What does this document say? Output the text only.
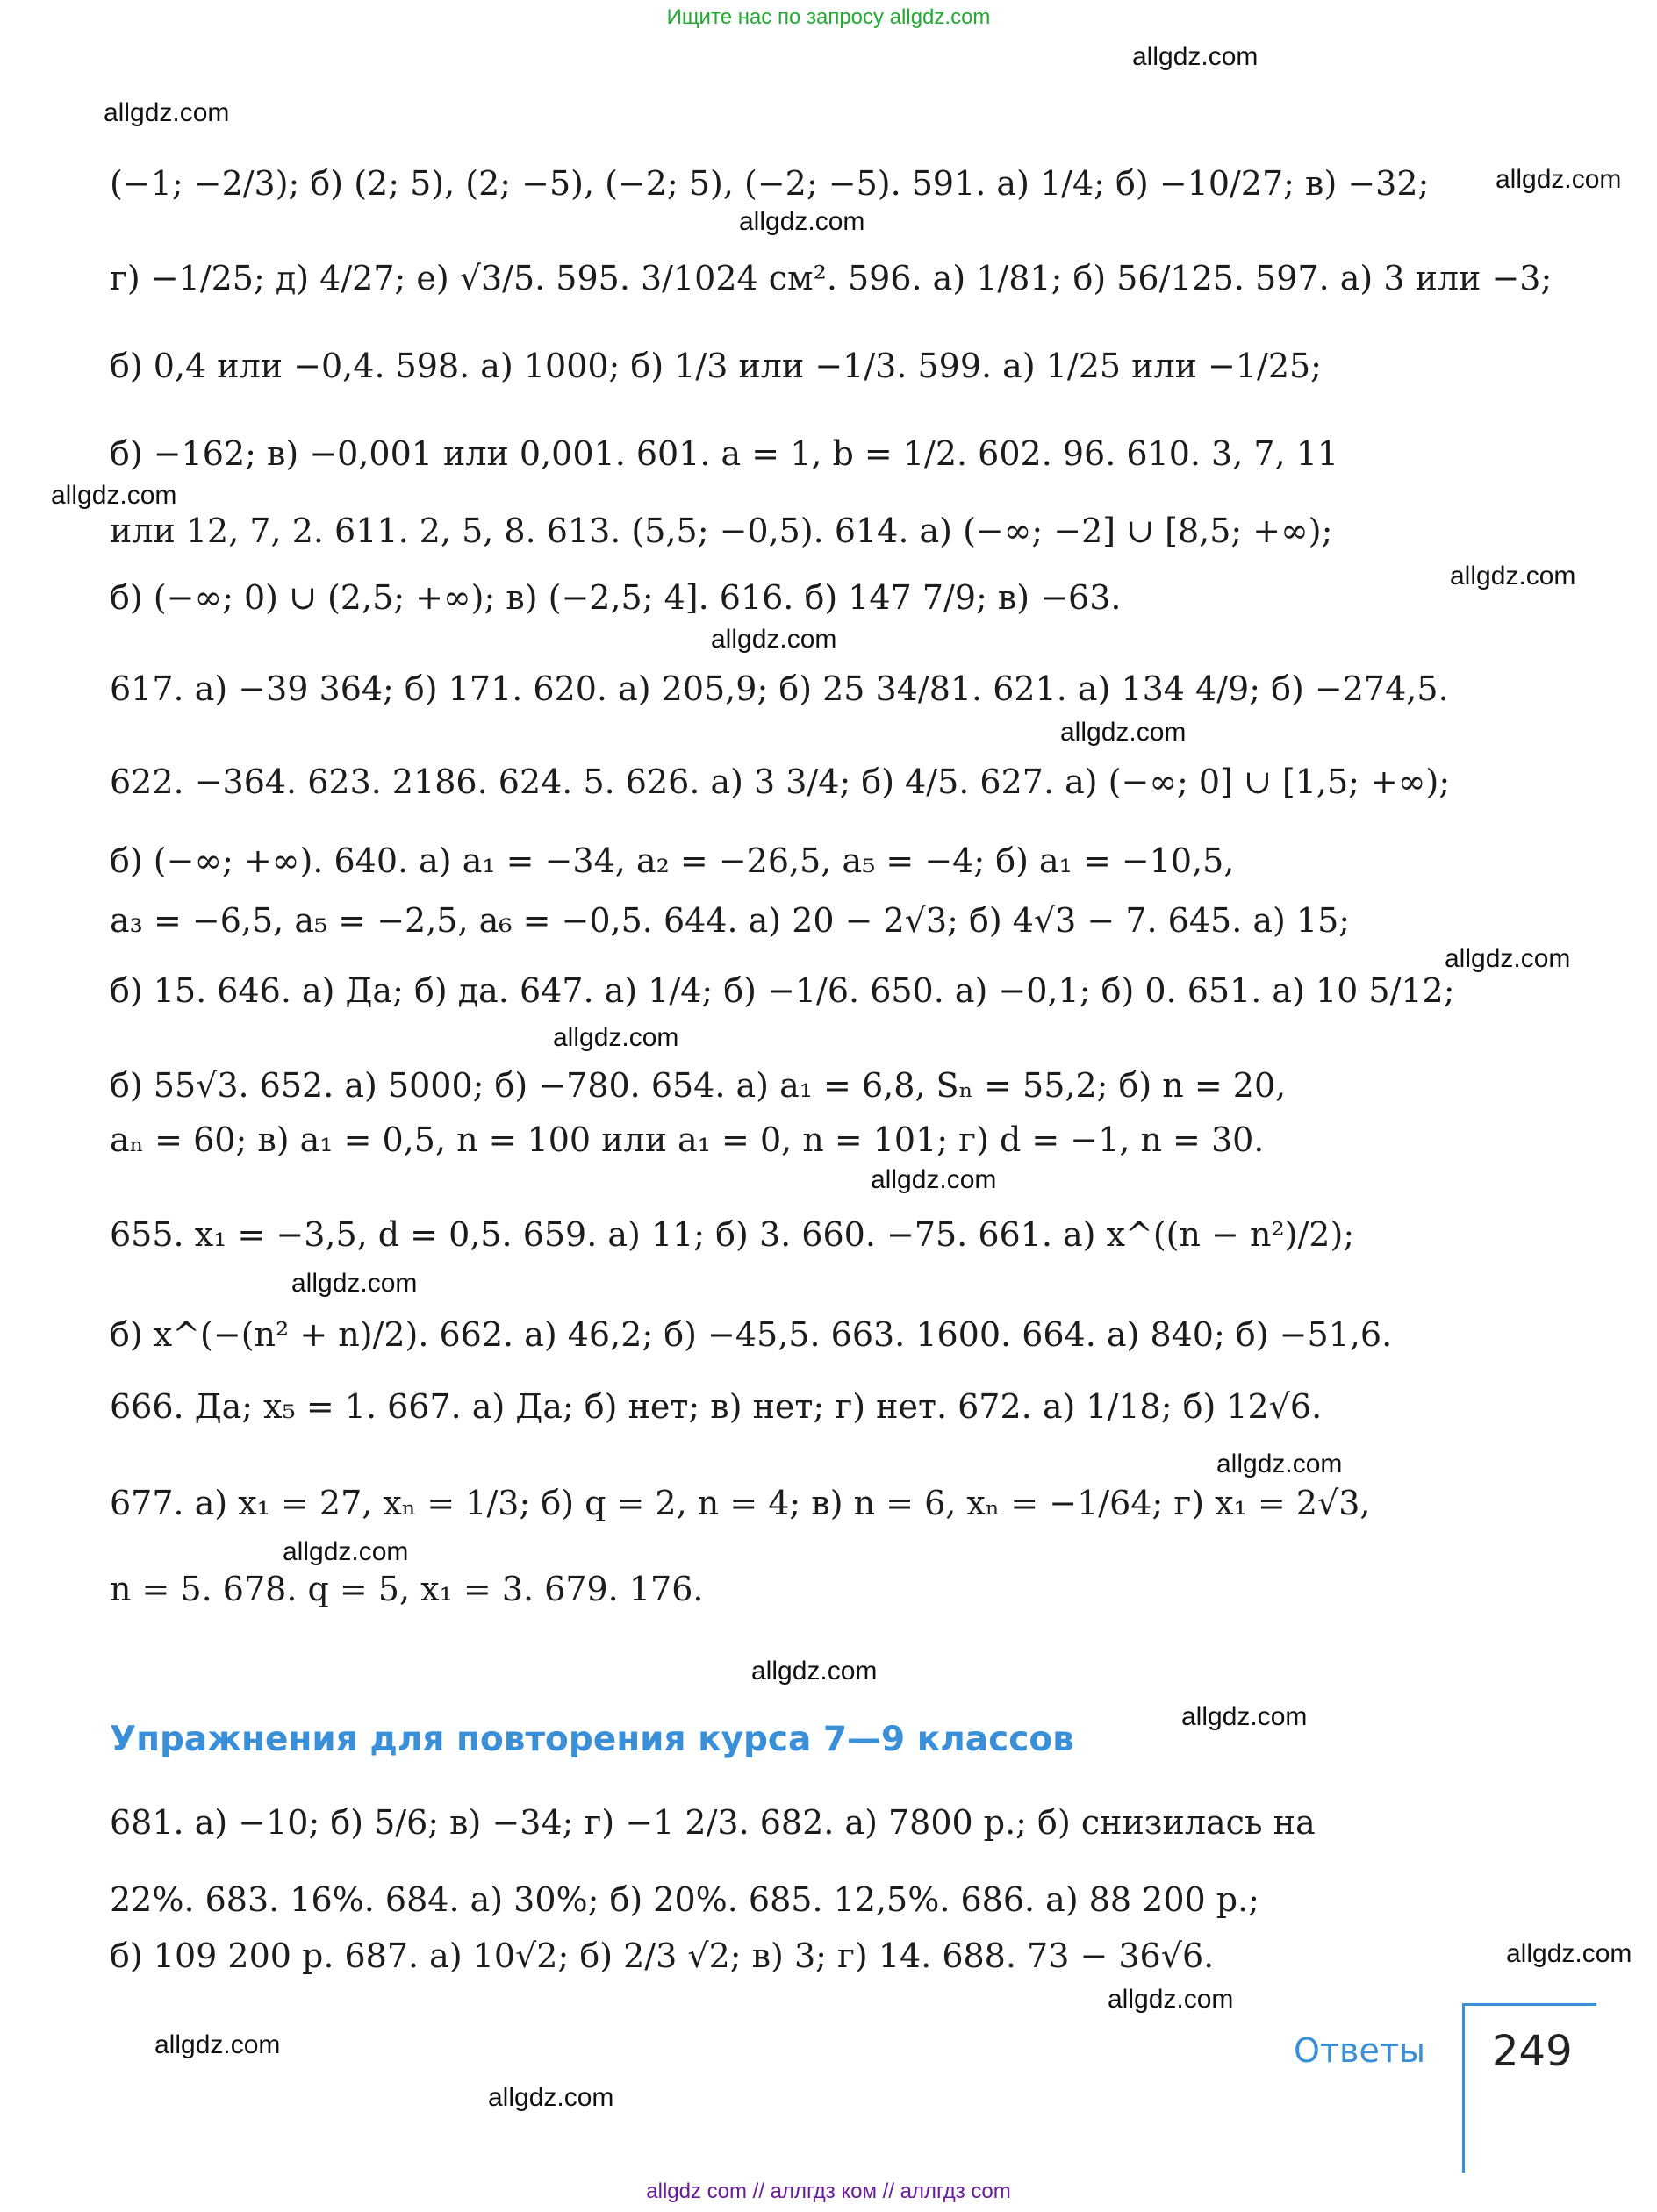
Ищите нас по запросу allgdz.com
allgdz.com
allgdz.com
allgdz.com
allgdz.com
allgdz.com
allgdz.com
allgdz.com
allgdz.com
allgdz.com
allgdz.com
allgdz.com
allgdz.com
allgdz.com
allgdz.com
allgdz.com
allgdz.com
allgdz.com
allgdz.com
allgdz.com
allgdz.com
(−1; −2/3); б) (2; 5), (2; −5), (−2; 5), (−2; −5). 591. а) 1/4; б) −10/27; в) −32;
г) −1/25; д) 4/27; е) √3/5. 595. 3/1024 см². 596. а) 1/81; б) 56/125. 597. а) 3 или −3;
б) 0,4 или −0,4. 598. а) 1000; б) 1/3 или −1/3. 599. а) 1/25 или −1/25;
б) −162; в) −0,001 или 0,001. 601. a = 1, b = 1/2. 602. 96. 610. 3, 7, 11
или 12, 7, 2. 611. 2, 5, 8. 613. (5,5; −0,5). 614. а) (−∞; −2] ∪ [8,5; +∞);
б) (−∞; 0) ∪ (2,5; +∞); в) (−2,5; 4]. 616. б) 147 7/9; в) −63.
617. а) −39 364; б) 171. 620. а) 205,9; б) 25 34/81. 621. а) 134 4/9; б) −274,5.
622. −364. 623. 2186. 624. 5. 626. а) 3 3/4; б) 4/5. 627. а) (−∞; 0] ∪ [1,5; +∞);
б) (−∞; +∞). 640. а) a₁ = −34, a₂ = −26,5, a₅ = −4; б) a₁ = −10,5,
a₃ = −6,5, a₅ = −2,5, a₆ = −0,5. 644. а) 20 − 2√3; б) 4√3 − 7. 645. а) 15;
б) 15. 646. а) Да; б) да. 647. а) 1/4; б) −1/6. 650. а) −0,1; б) 0. 651. а) 10 5/12;
б) 55√3. 652. а) 5000; б) −780. 654. а) a₁ = 6,8, Sₙ = 55,2; б) n = 20,
aₙ = 60; в) a₁ = 0,5, n = 100 или a₁ = 0, n = 101; г) d = −1, n = 30.
655. x₁ = −3,5, d = 0,5. 659. а) 11; б) 3. 660. −75. 661. а) x^((n − n²)/2);
б) x^(−(n² + n)/2). 662. а) 46,2; б) −45,5. 663. 1600. 664. а) 840; б) −51,6.
666. Да; x₅ = 1. 667. а) Да; б) нет; в) нет; г) нет. 672. а) 1/18; б) 12√6.
677. а) x₁ = 27, xₙ = 1/3; б) q = 2, n = 4; в) n = 6, xₙ = −1/64; г) x₁ = 2√3,
n = 5. 678. q = 5, x₁ = 3. 679. 176.
Упражнения для повторения курса 7—9 классов
681. а) −10; б) 5/6; в) −34; г) −1 2/3. 682. а) 7800 р.; б) снизилась на
22%. 683. 16%. 684. а) 30%; б) 20%. 685. 12,5%. 686. а) 88 200 р.;
б) 109 200 р. 687. а) 10√2; б) 2/3 √2; в) 3; г) 14. 688. 73 − 36√6.
Ответы 249
allgdz com // аллгдз ком // аллгдз com
